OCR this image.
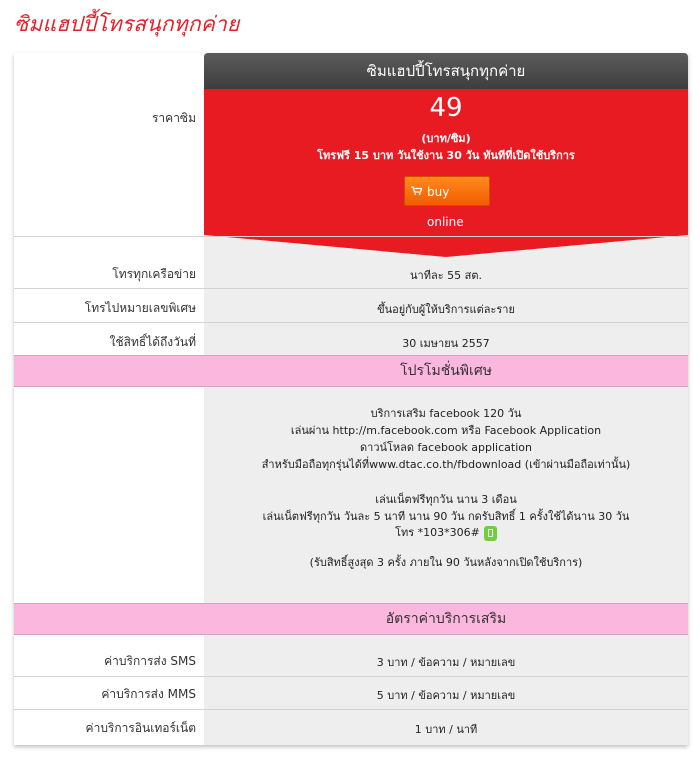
ซิมแฮปปี้โทรสนุกทุกค่าย
ซิมแฮปปี้โทรสนุกทุกค่าย
ราคาซิม	49
(บาท/ซิม)
โทรฟรี 15 บาท วันใช้งาน 30 วัน ทันทีที่เปิดใช้บริการ
buy online
โทรทุกเครือข่าย	นาทีละ 55 สต.
โทรไปหมายเลขพิเศษ	ขึ้นอยู่กับผู้ให้บริการแต่ละราย
ใช้สิทธิ์ได้ถึงวันที่	30 เมษายน 2557
โปรโมชั่นพิเศษ
บริการเสริม facebook 120 วัน
เล่นผ่าน http://m.facebook.com หรือ Facebook Application
ดาวน์โหลด facebook application
สำหรับมือถือทุกรุ่นได้ที่www.dtac.co.th/fbdownload (เข้าผ่านมือถือเท่านั้น)
เล่นเน็ตฟรีทุกวัน นาน 3 เดือน
เล่นเน็ตฟรีทุกวัน วันละ 5 นาที นาน 90 วัน กดรับสิทธิ์ 1 ครั้งใช้ได้นาน 30 วัน
โทร *103*306#
(รับสิทธิ์สูงสุด 3 ครั้ง ภายใน 90 วันหลังจากเปิดใช้บริการ)
อัตราค่าบริการเสริม
ค่าบริการส่ง SMS	3 บาท / ข้อความ / หมายเลข
ค่าบริการส่ง MMS	5 บาท / ข้อความ / หมายเลข
ค่าบริการอินเทอร์เน็ต	1 บาท / นาที
